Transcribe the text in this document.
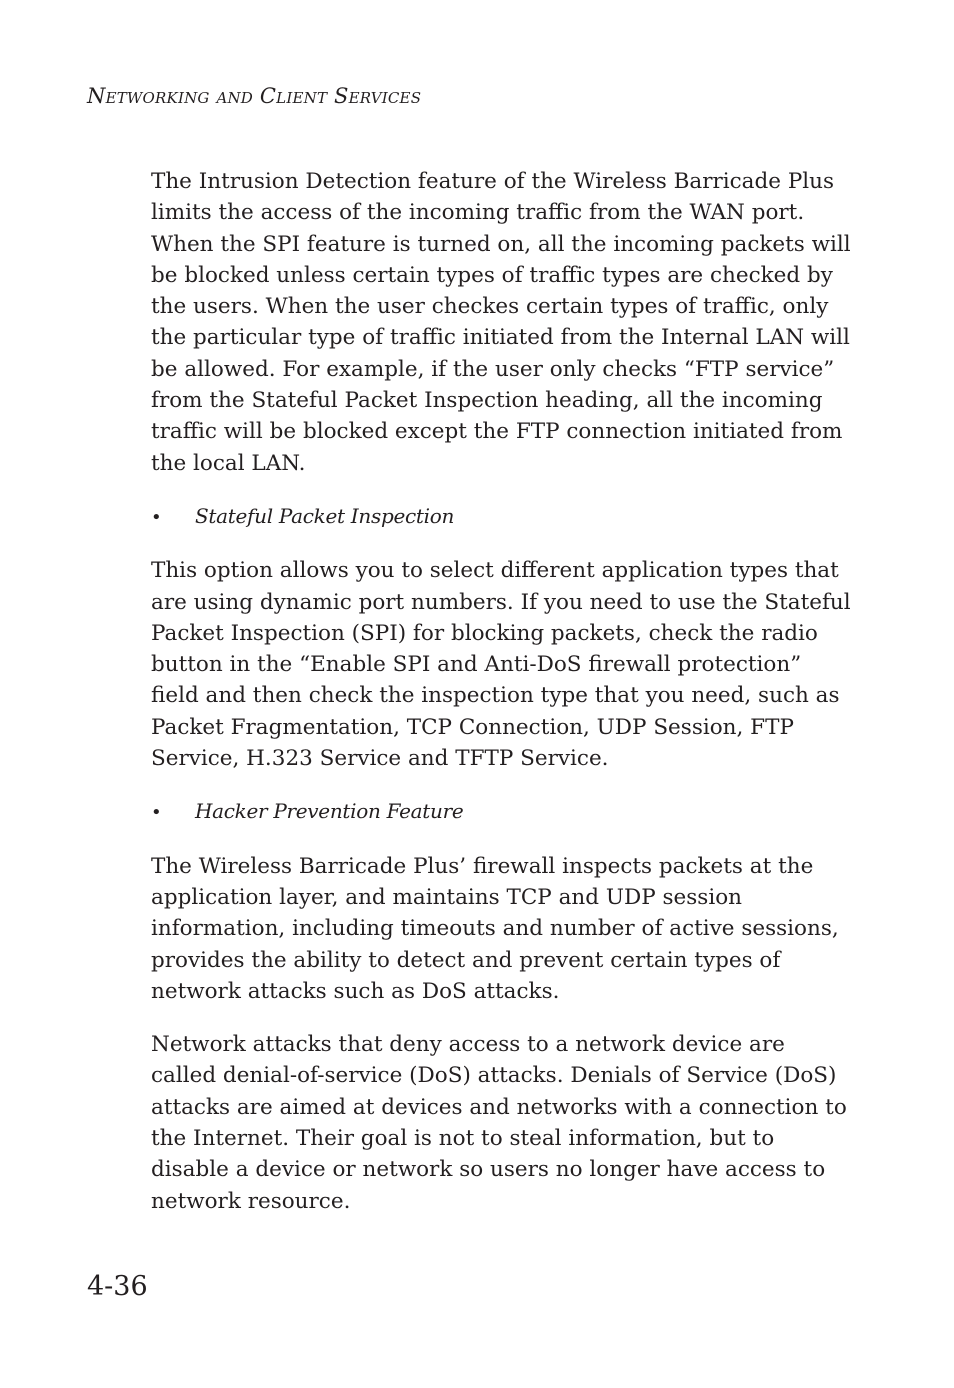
Networking and Client Services

The Intrusion Detection feature of the Wireless Barricade Plus limits the access of the incoming traffic from the WAN port. When the SPI feature is turned on, all the incoming packets will be blocked unless certain types of traffic types are checked by the users. When the user checkes certain types of traffic, only the particular type of traffic initiated from the Internal LAN will be allowed. For example, if the user only checks “FTP service” from the Stateful Packet Inspection heading, all the incoming traffic will be blocked except the FTP connection initiated from the local LAN.

•	Stateful Packet Inspection

This option allows you to select different application types that are using dynamic port numbers. If you need to use the Stateful Packet Inspection (SPI) for blocking packets, check the radio button in the “Enable SPI and Anti-DoS firewall protection” field and then check the inspection type that you need, such as Packet Fragmentation, TCP Connection, UDP Session, FTP Service, H.323 Service and TFTP Service.

•	Hacker Prevention Feature

The Wireless Barricade Plus’ firewall inspects packets at the application layer, and maintains TCP and UDP session information, including timeouts and number of active sessions, provides the ability to detect and prevent certain types of network attacks such as DoS attacks.

Network attacks that deny access to a network device are called denial-of-service (DoS) attacks. Denials of Service (DoS) attacks are aimed at devices and networks with a connection to the Internet. Their goal is not to steal information, but to disable a device or network so users no longer have access to network resource.

4-36
